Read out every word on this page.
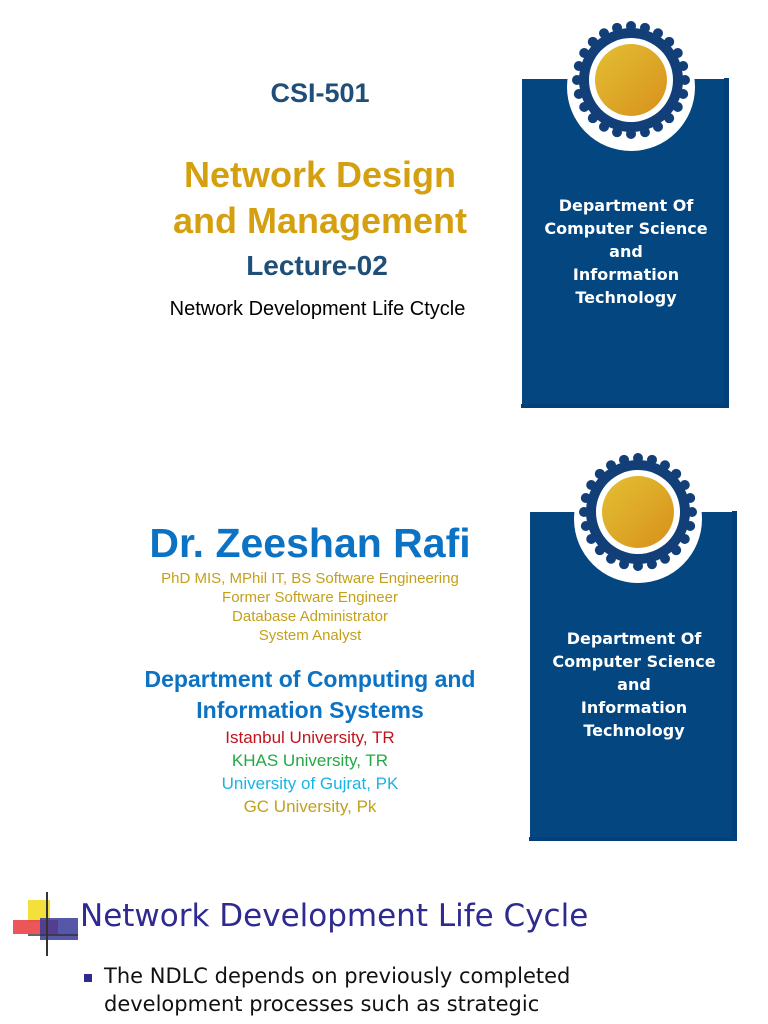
CSI-501
Network Design
and Management
Lecture-02
Network Development Life Ctycle
Department Of
Computer Science
and
Information Technology
Dr. Zeeshan Rafi
PhD MIS, MPhil IT, BS Software Engineering
Former Software Engineer
Database Administrator
System Analyst
Department of Computing and
Information Systems
Istanbul University, TR
KHAS University, TR
University of Gujrat, PK
GC University, Pk
Department Of
Computer Science
and
Information Technology
Network Development Life Cycle
The NDLC depends on previously completed
development processes such as strategic
